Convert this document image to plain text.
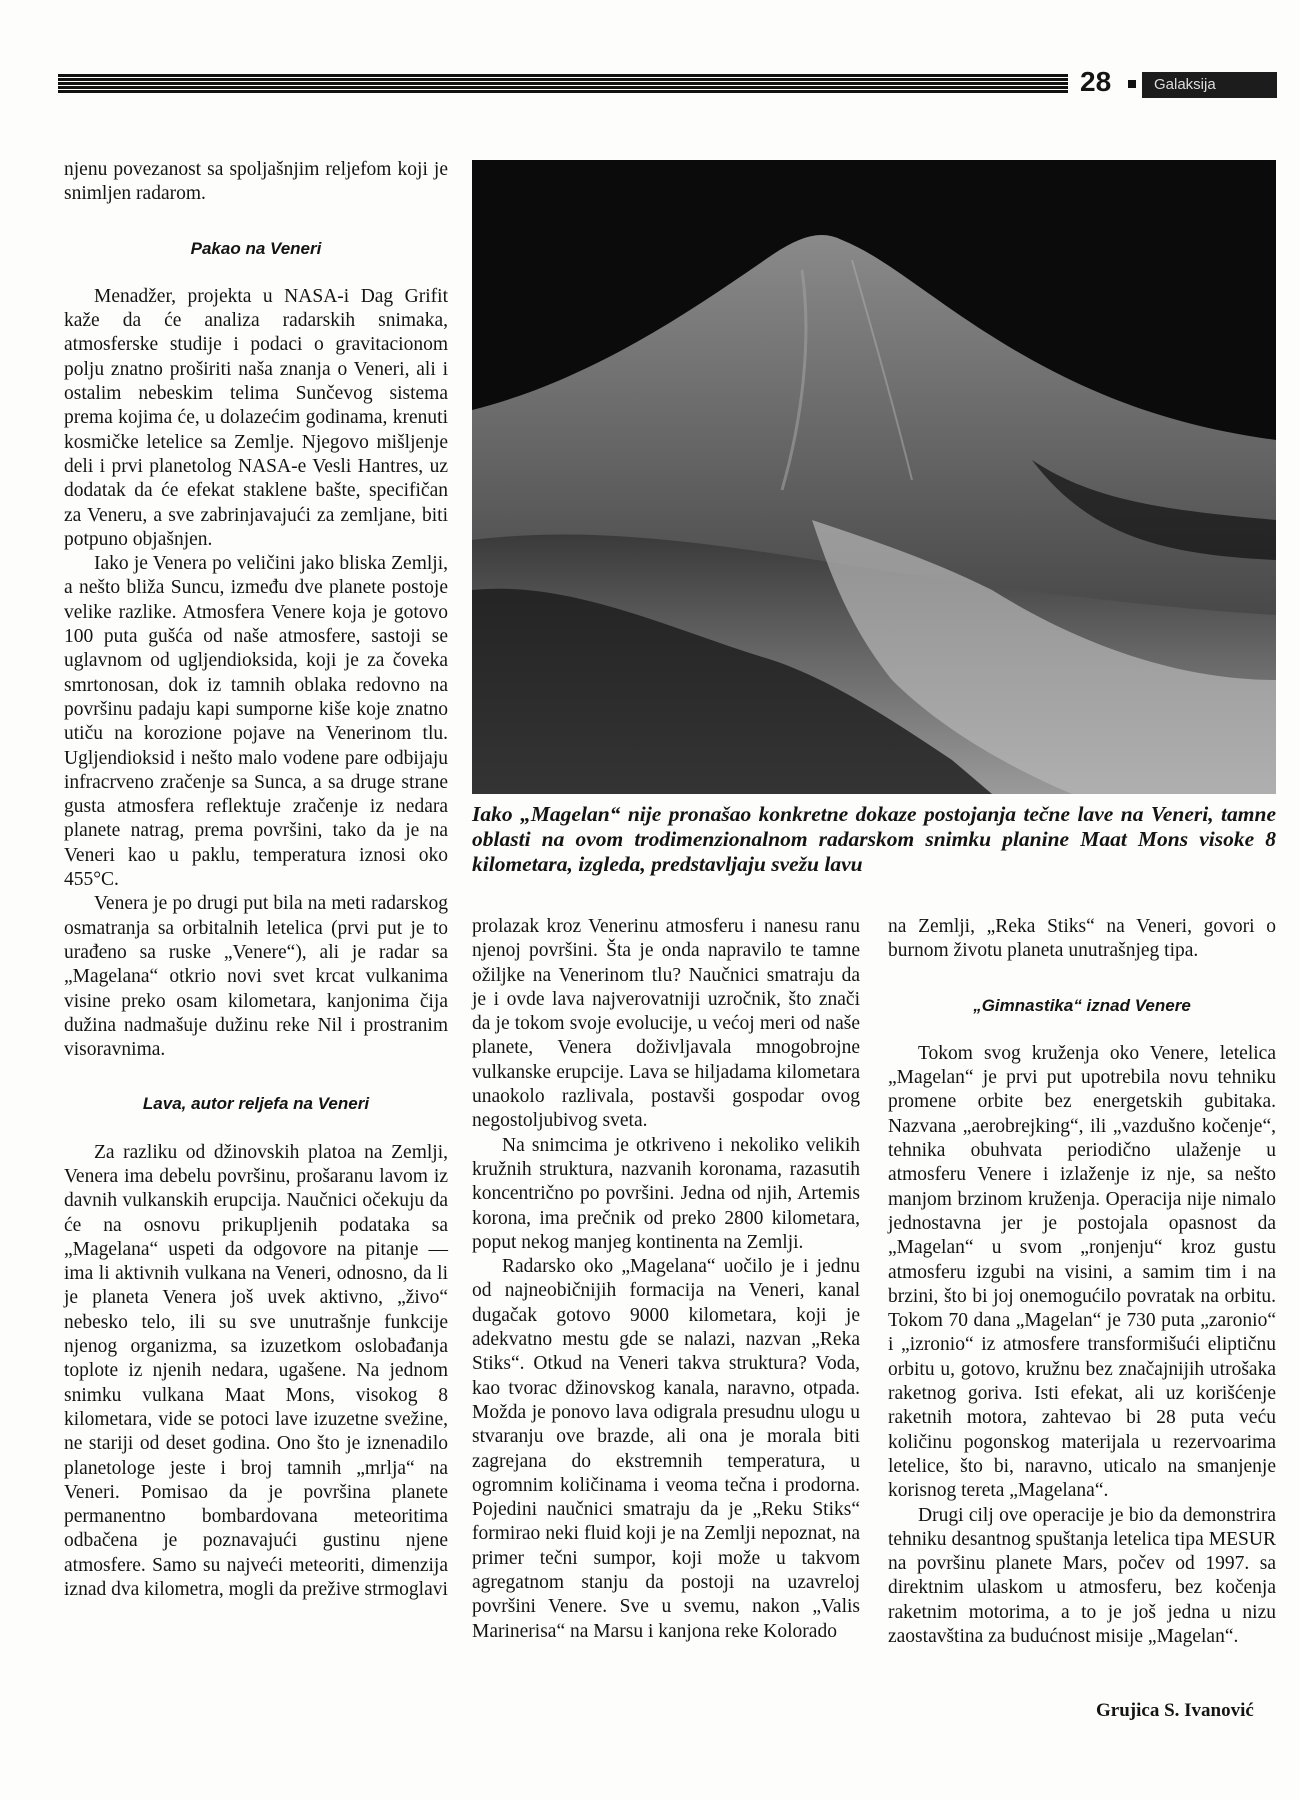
28	Galaksija

njenu povezanost sa spoljašnjim reljefom koji je snimljen radarom.

Pakao na Veneri

Menadžer, projekta u NASA-i Dag Grifit kaže da će analiza radarskih snimaka, atmosferske studije i podaci o gravitacionom polju znatno proširiti naša znanja o Veneri, ali i ostalim nebeskim telima Sunčevog sistema prema kojima će, u dolazećim godinama, krenuti kosmičke letelice sa Zemlje. Njegovo mišljenje deli i prvi planetolog NASA-e Vesli Hantres, uz dodatak da će efekat staklene bašte, specifičan za Veneru, a sve zabrinjavajući za zemljane, biti potpuno objašnjen.

Iako je Venera po veličini jako bliska Zemlji, a nešto bliža Suncu, između dve planete postoje velike razlike. Atmosfera Venere koja je gotovo 100 puta gušća od naše atmosfere, sastoji se uglavnom od ugljendioksida, koji je za čoveka smrtonosan, dok iz tamnih oblaka redovno na površinu padaju kapi sumporne kiše koje znatno utiču na korozione pojave na Venerinom tlu. Ugljendioksid i nešto malo vodene pare odbijaju infracrveno zračenje sa Sunca, a sa druge strane gusta atmosfera reflektuje zračenje iz nedara planete natrag, prema površini, tako da je na Veneri kao u paklu, temperatura iznosi oko 455°C.

Venera je po drugi put bila na meti radarskog osmatranja sa orbitalnih letelica (prvi put je to urađeno sa ruske „Venere“), ali je radar sa „Magelana“ otkrio novi svet krcat vulkanima visine preko osam kilometara, kanjonima čija dužina nadmašuje dužinu reke Nil i prostranim visoravnima.

Lava, autor reljefa na Veneri

Za razliku od džinovskih platoa na Zemlji, Venera ima debelu površinu, prošaranu lavom iz davnih vulkanskih erupcija. Naučnici očekuju da će na osnovu prikupljenih podataka sa „Magelana“ uspeti da odgovore na pitanje — ima li aktivnih vulkana na Veneri, odnosno, da li je planeta Venera još uvek aktivno, „živo“ nebesko telo, ili su sve unutrašnje funkcije njenog organizma, sa izuzetkom oslobađanja toplote iz njenih nedara, ugašene. Na jednom snimku vulkana Maat Mons, visokog 8 kilometara, vide se potoci lave izuzetne svežine, ne stariji od deset godina. Ono što je iznenadilo planetologe jeste i broj tamnih „mrlja“ na Veneri. Pomisao da je površina planete permanentno bombardovana meteoritima odbačena je poznavajući gustinu njene atmosfere. Samo su najveći meteoriti, dimenzija iznad dva kilometra, mogli da prežive strmoglavi

Iako „Magelan“ nije pronašao konkretne dokaze postojanja tečne lave na Veneri, tamne oblasti na ovom trodimenzionalnom radarskom snimku planine Maat Mons visoke 8 kilometara, izgleda, predstavljaju svežu lavu

prolazak kroz Venerinu atmosferu i nanesu ranu njenoj površini. Šta je onda napravilo te tamne ožiljke na Venerinom tlu? Naučnici smatraju da je i ovde lava najverovatniji uzročnik, što znači da je tokom svoje evolucije, u većoj meri od naše planete, Venera doživljavala mnogobrojne vulkanske erupcije. Lava se hiljadama kilometara unaokolo razlivala, postavši gospodar ovog negostoljubivog sveta.

Na snimcima je otkriveno i nekoliko velikih kružnih struktura, nazvanih koronama, razasutih koncentrično po površini. Jedna od njih, Artemis korona, ima prečnik od preko 2800 kilometara, poput nekog manjeg kontinenta na Zemlji.

Radarsko oko „Magelana“ uočilo je i jednu od najneobičnijih formacija na Veneri, kanal dugačak gotovo 9000 kilometara, koji je adekvatno mestu gde se nalazi, nazvan „Reka Stiks“. Otkud na Veneri takva struktura? Voda, kao tvorac džinovskog kanala, naravno, otpada. Možda je ponovo lava odigrala presudnu ulogu u stvaranju ove brazde, ali ona je morala biti zagrejana do ekstremnih temperatura, u ogromnim količinama i veoma tečna i prodorna. Pojedini naučnici smatraju da je „Reku Stiks“ formirao neki fluid koji je na Zemlji nepoznat, na primer tečni sumpor, koji može u takvom agregatnom stanju da postoji na uzavreloj površini Venere. Sve u svemu, nakon „Valis Marinerisa“ na Marsu i kanjona reke Kolorado

na Zemlji, „Reka Stiks“ na Veneri, govori o burnom životu planeta unutrašnjeg tipa.

„Gimnastika“ iznad Venere

Tokom svog kruženja oko Venere, letelica „Magelan“ je prvi put upotrebila novu tehniku promene orbite bez energetskih gubitaka. Nazvana „aerobrejking“, ili „vazdušno kočenje“, tehnika obuhvata periodično ulaženje u atmosferu Venere i izlaženje iz nje, sa nešto manjom brzinom kruženja. Operacija nije nimalo jednostavna jer je postojala opasnost da „Magelan“ u svom „ronjenju“ kroz gustu atmosferu izgubi na visini, a samim tim i na brzini, što bi joj onemogućilo povratak na orbitu. Tokom 70 dana „Magelan“ je 730 puta „zaronio“ i „izronio“ iz atmosfere transformišući eliptičnu orbitu u, gotovo, kružnu bez značajnijih utrošaka raketnog goriva. Isti efekat, ali uz korišćenje raketnih motora, zahtevao bi 28 puta veću količinu pogonskog materijala u rezervoarima letelice, što bi, naravno, uticalo na smanjenje korisnog tereta „Magelana“.

Drugi cilj ove operacije je bio da demonstrira tehniku desantnog spuštanja letelica tipa MESUR na površinu planete Mars, počev od 1997. sa direktnim ulaskom u atmosferu, bez kočenja raketnim motorima, a to je još jedna u nizu zaostavština za budućnost misije „Magelan“.

Grujica S. Ivanović
